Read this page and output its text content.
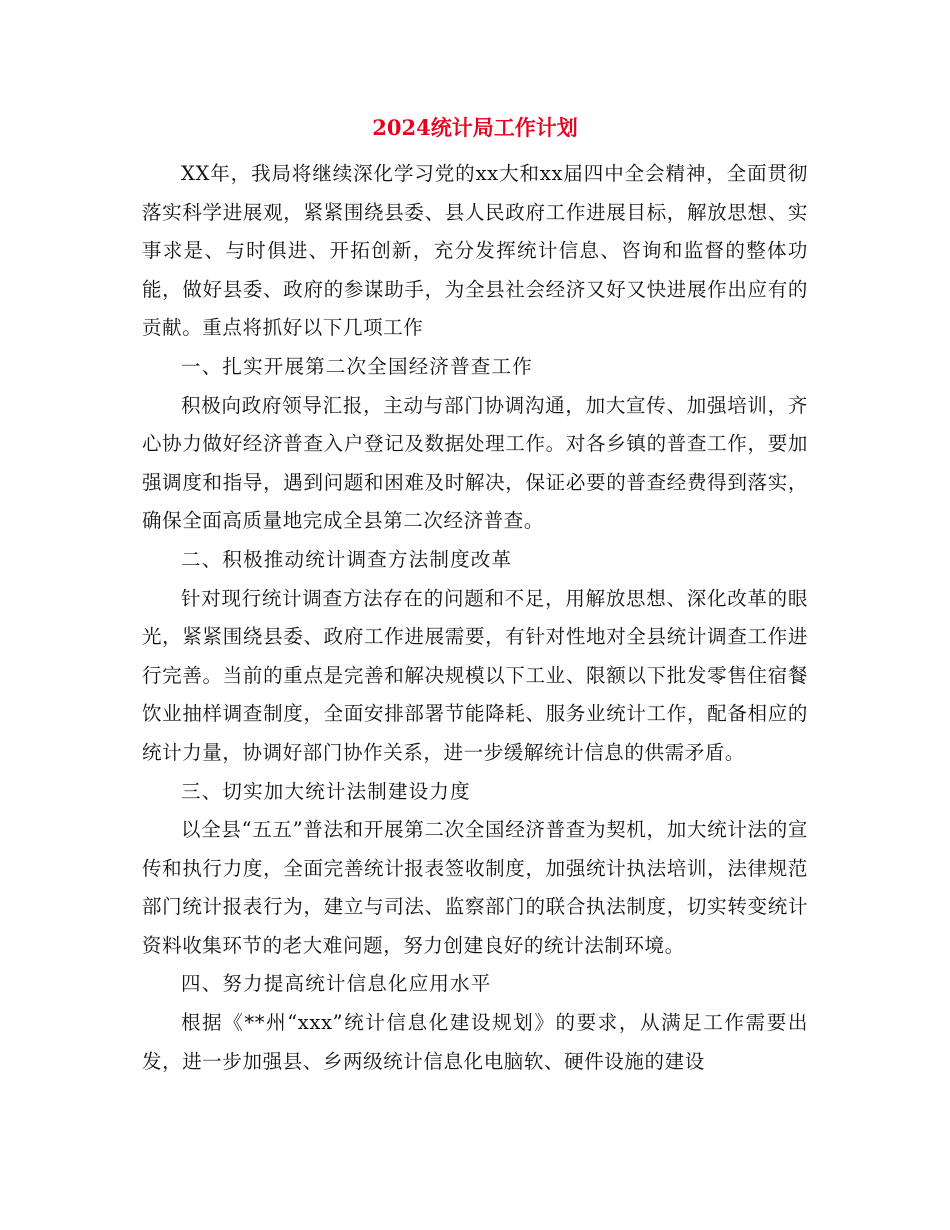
2024统计局工作计划

XX年，我局将继续深化学习党的xx大和xx届四中全会精神，全面贯彻落实科学进展观，紧紧围绕县委、县人民政府工作进展目标，解放思想、实事求是、与时俱进、开拓创新，充分发挥统计信息、咨询和监督的整体功能，做好县委、政府的参谋助手，为全县社会经济又好又快进展作出应有的贡献。重点将抓好以下几项工作

一、扎实开展第二次全国经济普查工作

积极向政府领导汇报，主动与部门协调沟通，加大宣传、加强培训，齐心协力做好经济普查入户登记及数据处理工作。对各乡镇的普查工作，要加强调度和指导，遇到问题和困难及时解决，保证必要的普查经费得到落实，确保全面高质量地完成全县第二次经济普查。

二、积极推动统计调查方法制度改革

针对现行统计调查方法存在的问题和不足，用解放思想、深化改革的眼光，紧紧围绕县委、政府工作进展需要，有针对性地对全县统计调查工作进行完善。当前的重点是完善和解决规模以下工业、限额以下批发零售住宿餐饮业抽样调查制度，全面安排部署节能降耗、服务业统计工作，配备相应的统计力量，协调好部门协作关系，进一步缓解统计信息的供需矛盾。

三、切实加大统计法制建设力度

以全县“五五”普法和开展第二次全国经济普查为契机，加大统计法的宣传和执行力度，全面完善统计报表签收制度，加强统计执法培训，法律规范部门统计报表行为，建立与司法、监察部门的联合执法制度，切实转变统计资料收集环节的老大难问题，努力创建良好的统计法制环境。

四、努力提高统计信息化应用水平

根据《**州“xxx”统计信息化建设规划》的要求，从满足工作需要出发，进一步加强县、乡两级统计信息化电脑软、硬件设施的建设
